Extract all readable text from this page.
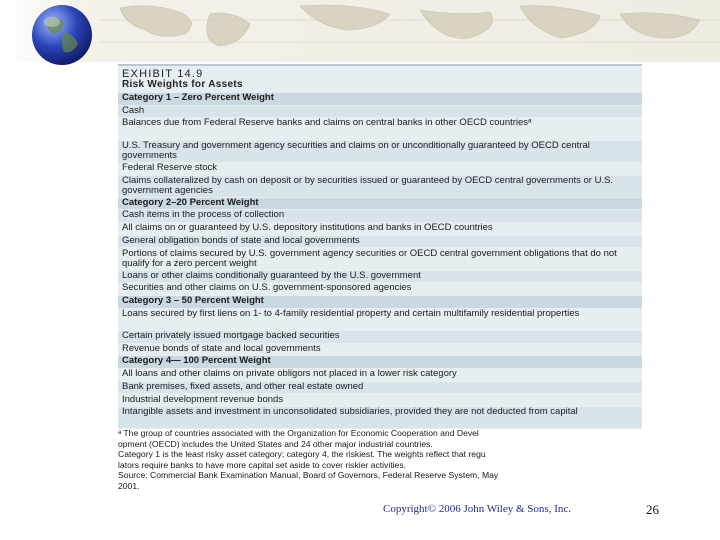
EXHIBIT 14.9
Risk Weights for Assets
Category 1 – Zero Percent Weight
Cash
Balances due from Federal Reserve banks and claims on central banks in other OECD countriesᵃ
U.S. Treasury and government agency securities and claims on or unconditionally guaranteed by OECD central governments
Federal Reserve stock
Claims collateralized by cash on deposit or by securities issued or guaranteed by OECD central governments or U.S. government agencies
Category 2–20 Percent Weight
Cash items in the process of collection
All claims on or guaranteed by U.S. depository institutions and banks in OECD countries
General obligation bonds of state and local governments
Portions of claims secured by U.S. government agency securities or OECD central government obligations that do not qualify for a zero percent weight
Loans or other claims conditionally guaranteed by the U.S. government
Securities and other claims on U.S. government-sponsored agencies
Category 3 – 50 Percent Weight
Loans secured by first liens on 1- to 4-family residential property and certain multifamily residential properties
Certain privately issued mortgage backed securities
Revenue bonds of state and local governments
Category 4— 100 Percent Weight
All loans and other claims on private obligors not placed in a lower risk category
Bank premises, fixed assets, and other real estate owned
Industrial development revenue bonds
Intangible assets and investment in unconsolidated subsidiaries, provided they are not deducted from capital
ᵃ The group of countries associated with the Organization for Economic Cooperation and Devel
opment (OECD) includes the United States and 24 other major industrial countries.
Category 1 is the least risky asset category; category 4, the riskiest. The weights reflect that regu
lators require banks to have more capital set aside to cover riskier activities.
Source: Commercial Bank Examination Manual, Board of Governors, Federal Reserve System, May
2001.
Copyright© 2006 John Wiley & Sons, Inc.	26
